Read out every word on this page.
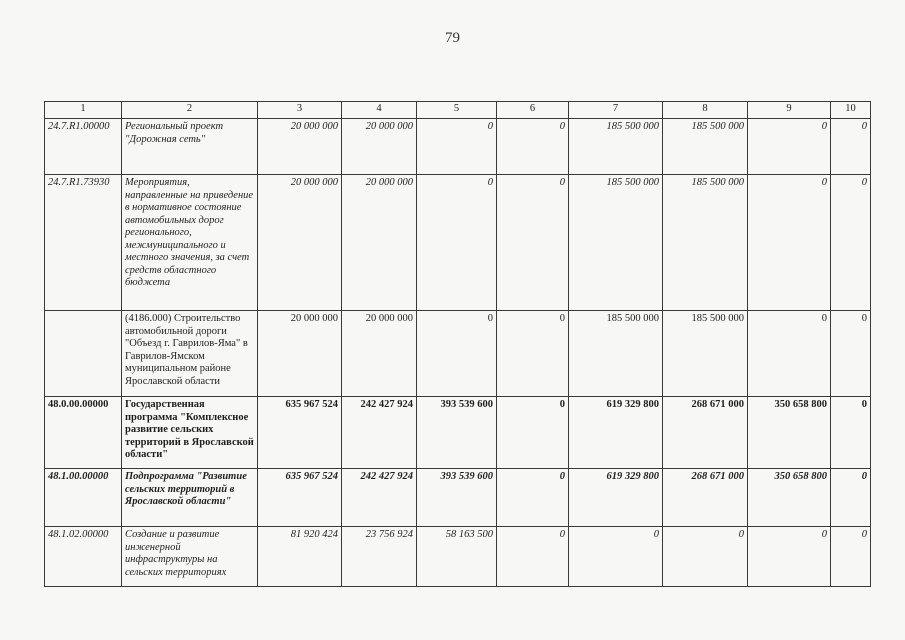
79
1	2	3	4	5	6	7	8	9	10
24.7.R1.00000	Региональный проект "Дорожная сеть"	20 000 000	20 000 000	0	0	185 500 000	185 500 000	0	0
24.7.R1.73930	Мероприятия, направленные на приведение в нормативное состояние автомобильных дорог регионального, межмуниципального и местного значения, за счет средств областного бюджета	20 000 000	20 000 000	0	0	185 500 000	185 500 000	0	0
	(4186.000) Строительство автомобильной дороги "Объезд г. Гаврилов-Яма" в Гаврилов-Ямском муниципальном районе Ярославской области	20 000 000	20 000 000	0	0	185 500 000	185 500 000	0	0
48.0.00.00000	Государственная программа "Комплексное развитие сельских территорий в Ярославской области"	635 967 524	242 427 924	393 539 600	0	619 329 800	268 671 000	350 658 800	0
48.1.00.00000	Подпрограмма "Развитие сельских территорий в Ярославской области"	635 967 524	242 427 924	393 539 600	0	619 329 800	268 671 000	350 658 800	0
48.1.02.00000	Создание и развитие инженерной инфраструктуры на сельских территориях	81 920 424	23 756 924	58 163 500	0	0	0	0	0
